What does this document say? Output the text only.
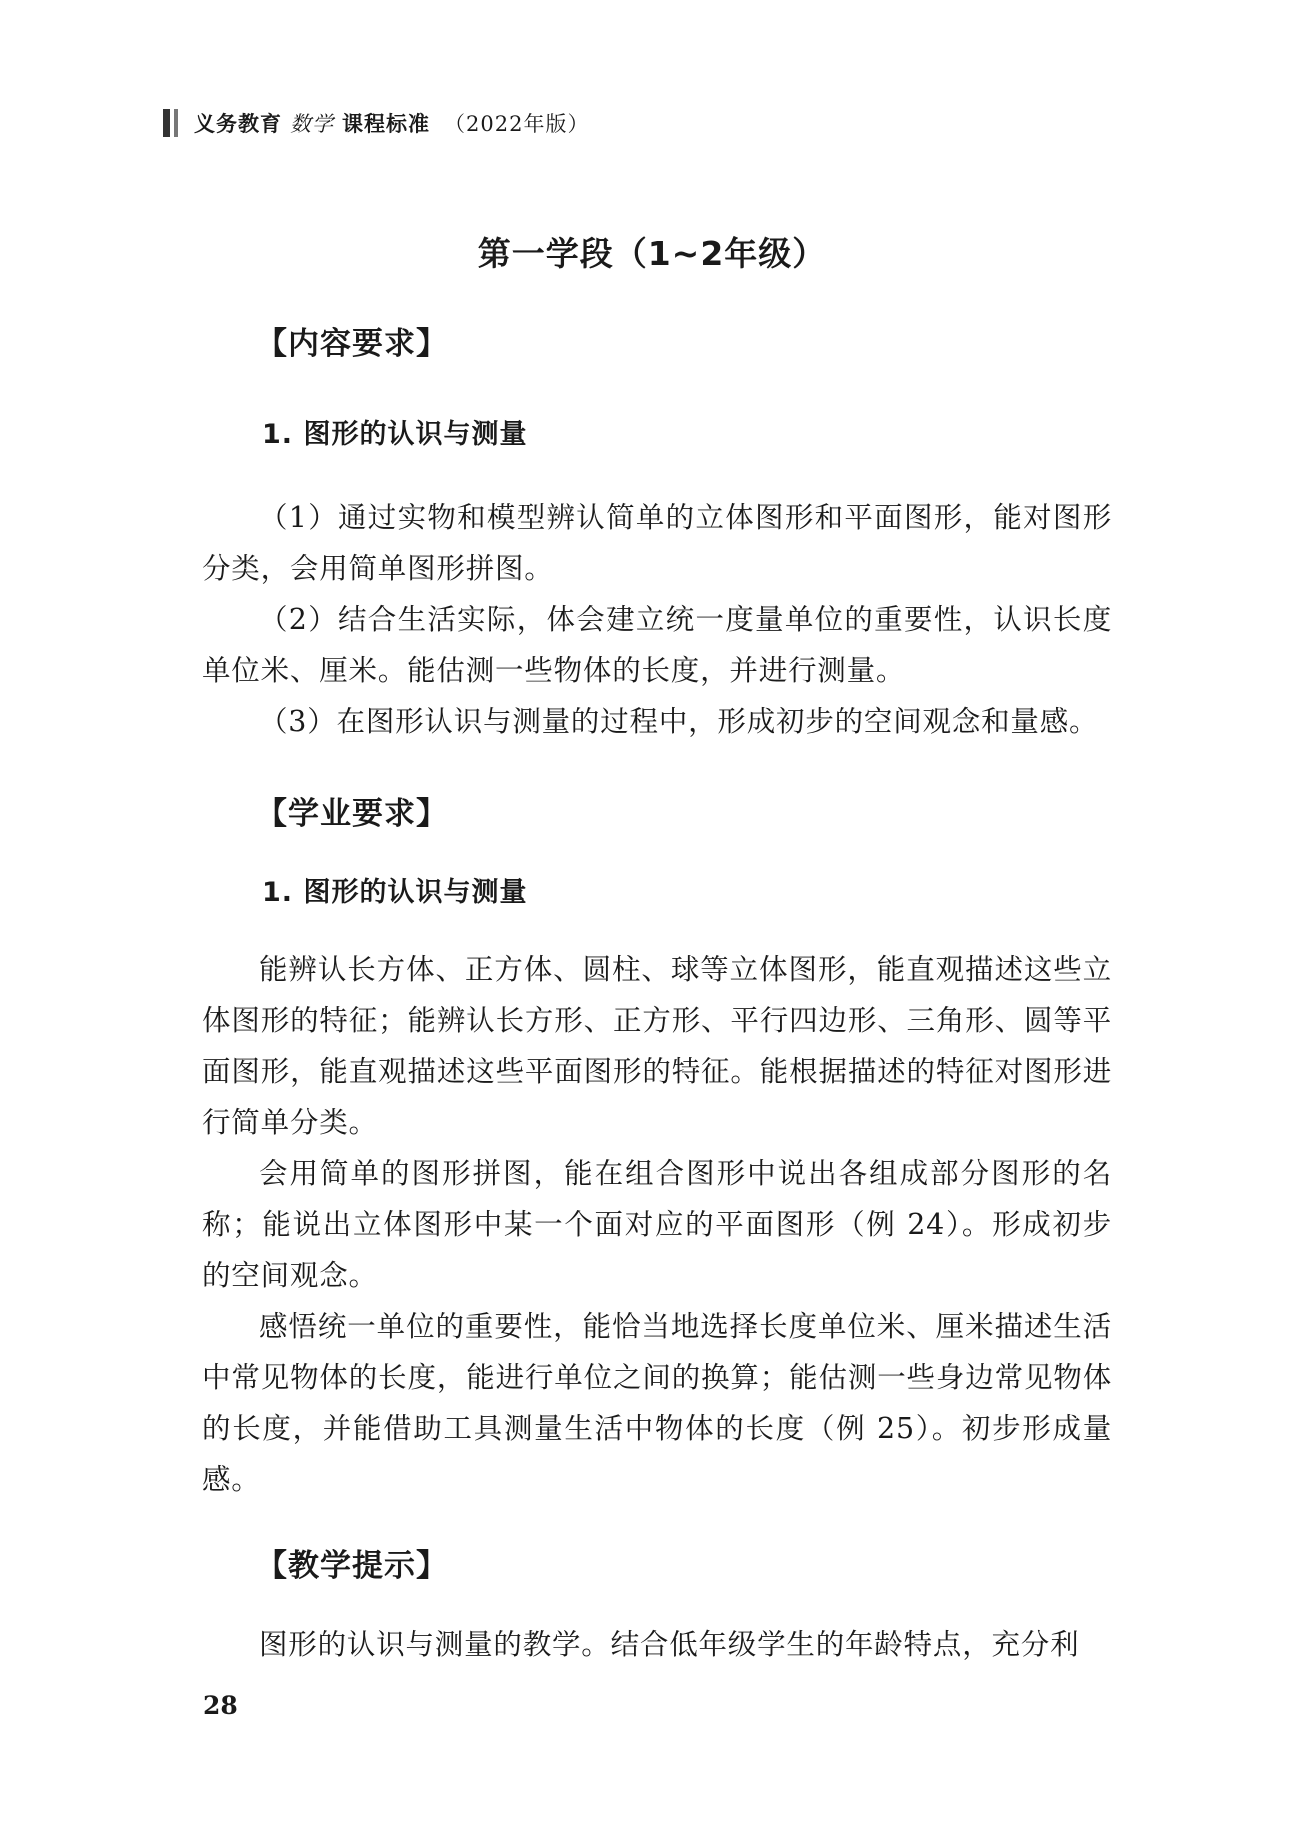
义务教育 数学 课程标准 （2022年版）
第一学段（1~2年级）
【内容要求】
1. 图形的认识与测量
（1）通过实物和模型辨认简单的立体图形和平面图形，能对图形分类，会用简单图形拼图。
（2）结合生活实际，体会建立统一度量单位的重要性，认识长度单位米、厘米。能估测一些物体的长度，并进行测量。
（3）在图形认识与测量的过程中，形成初步的空间观念和量感。
【学业要求】
1. 图形的认识与测量
能辨认长方体、正方体、圆柱、球等立体图形，能直观描述这些立体图形的特征；能辨认长方形、正方形、平行四边形、三角形、圆等平面图形，能直观描述这些平面图形的特征。能根据描述的特征对图形进行简单分类。
会用简单的图形拼图，能在组合图形中说出各组成部分图形的名称；能说出立体图形中某一个面对应的平面图形（例 24）。形成初步的空间观念。
感悟统一单位的重要性，能恰当地选择长度单位米、厘米描述生活中常见物体的长度，能进行单位之间的换算；能估测一些身边常见物体的长度，并能借助工具测量生活中物体的长度（例 25）。初步形成量感。
【教学提示】
图形的认识与测量的教学。结合低年级学生的年龄特点，充分利
28
